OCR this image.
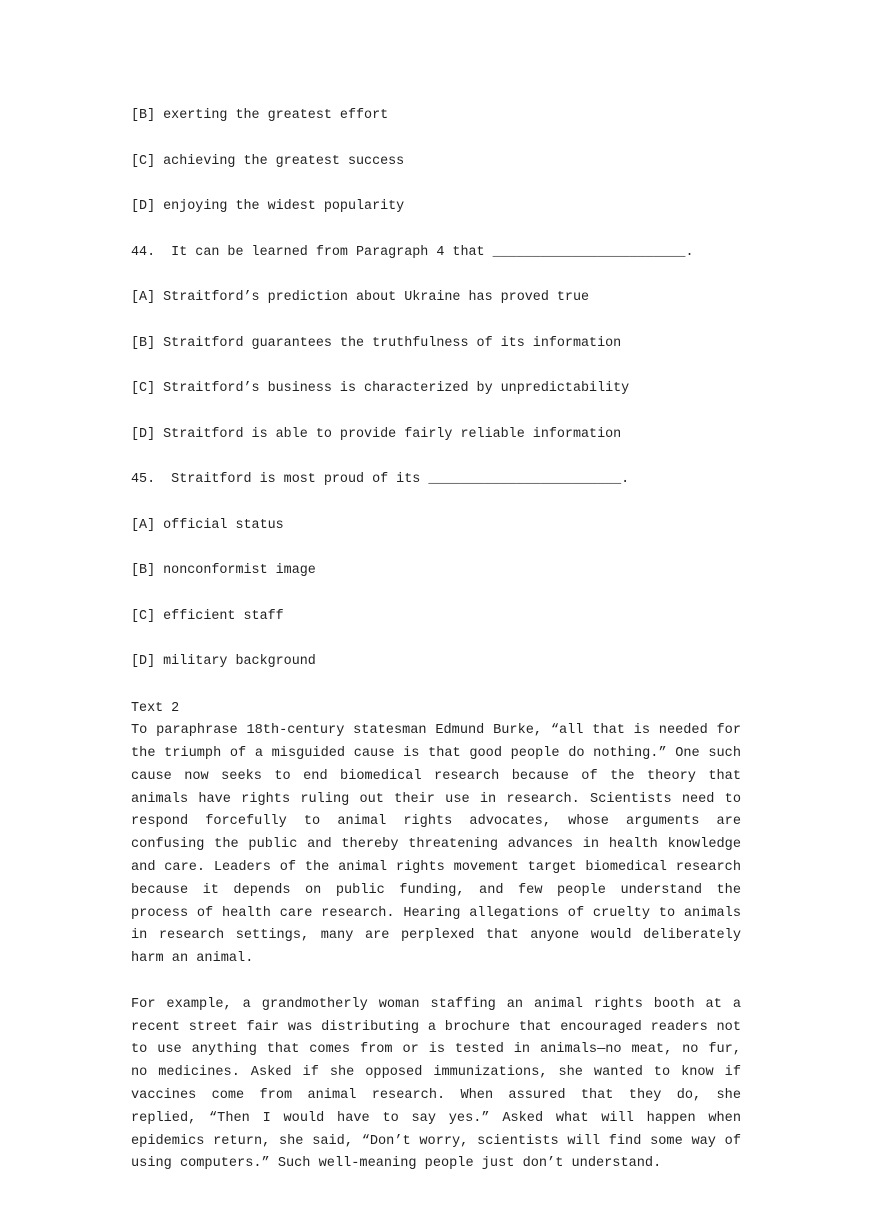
[B] exerting the greatest effort
[C] achieving the greatest success
[D] enjoying the widest popularity
44.  It can be learned from Paragraph 4 that ________________________.
[A] Straitford’s prediction about Ukraine has proved true
[B] Straitford guarantees the truthfulness of its information
[C] Straitford’s business is characterized by unpredictability
[D] Straitford is able to provide fairly reliable information
45.  Straitford is most proud of its ________________________.
[A] official status
[B] nonconformist image
[C] efficient staff
[D] military background
Text 2

To paraphrase 18th-century statesman Edmund Burke, “all that is needed for the triumph of a misguided cause is that good people do nothing.” One such cause now seeks to end biomedical research because of the theory that animals have rights ruling out their use in research. Scientists need to respond forcefully to animal rights advocates, whose arguments are confusing the public and thereby threatening advances in health knowledge and care. Leaders of the animal rights movement target biomedical research because it depends on public funding, and few people understand the process of health care research. Hearing allegations of cruelty to animals in research settings, many are perplexed that anyone would deliberately harm an animal.

For example, a grandmotherly woman staffing an animal rights booth at a recent street fair was distributing a brochure that encouraged readers not to use anything that comes from or is tested in animals—no meat, no fur, no medicines. Asked if she opposed immunizations, she wanted to know if vaccines come from animal research. When assured that they do, she replied, “Then I would have to say yes.” Asked what will happen when epidemics return, she said, “Don’t worry, scientists will find some way of using computers.” Such well-meaning people just don’t understand.
